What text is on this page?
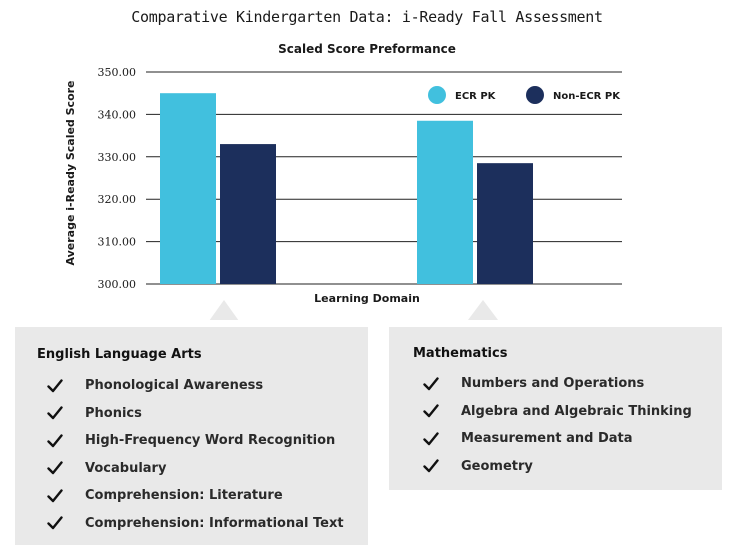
Comparative Kindergarten Data: i-Ready Fall Assessment
Scaled Score Preformance
300.00
310.00
320.00
330.00
340.00
350.00
ECR PK	Non-ECR PK
Average i-Ready Scaled Score
Learning Domain
English Language Arts
Phonological Awareness
Phonics
High-Frequency Word Recognition
Vocabulary
Comprehension: Literature
Comprehension: Informational Text
Mathematics
Numbers and Operations
Algebra and Algebraic Thinking
Measurement and Data
Geometry
